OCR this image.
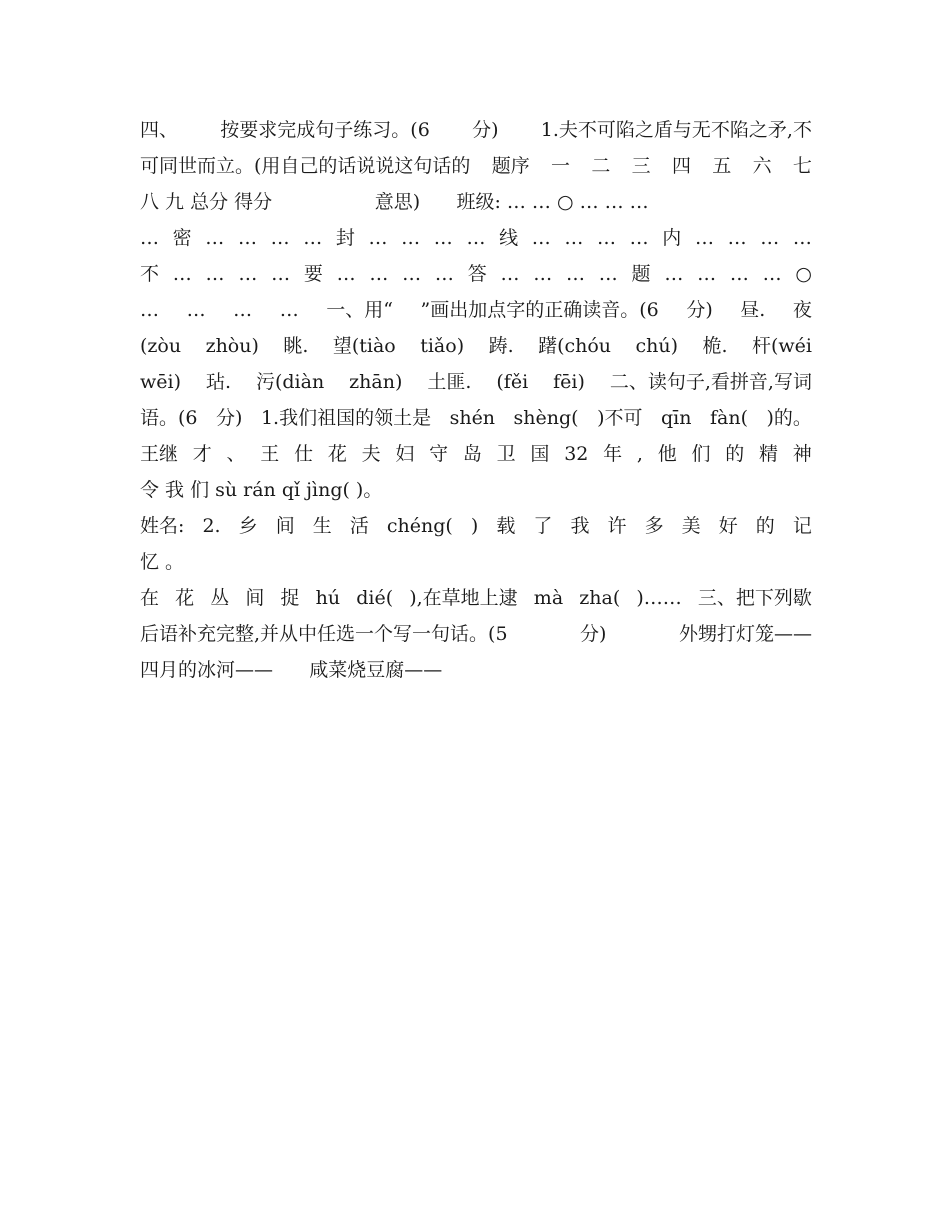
四、 按要求完成句子练习。(6 分) 1.夫不可陷之盾与无不陷之矛,不
可同世而立。(用自己的话说说这句话的 题序 一 二 三 四 五 六 七
八 九 总分 得分                 意思)      班级: … … ○ … … …
… 密 … … … … 封 … … … … 线 … … … … 内 … … … …
不 … … … … 要 … … … … 答 … … … … 题 … … … … ○
… … … … 一、用“ ”画出加点字的正确读音。(6 分) 昼. 夜
(zòu zhòu) 眺. 望(tiào tiǎo) 踌. 躇(chóu chú) 桅. 杆(wéi
wēi) 玷. 污(diàn zhān) 土匪. (fěi fēi) 二、读句子,看拼音,写词
语。(6 分) 1.我们祖国的领土是 shén shèng( )不可 qīn fàn( )的。
王继 才 、 王 仕 花 夫 妇 守 岛 卫 国 32 年 , 他 们 的 精 神
令 我 们 sù rán qǐ jìng( )。
姓名: 2. 乡 间 生 活 chéng( ) 载 了 我 许 多 美 好 的 记
忆 。
在 花 丛 间 捉 hú dié( ),在草地上逮 mà zha( )…… 三、把下列歇
后语补充完整,并从中任选一个写一句话。(5	分)	外甥打灯笼——
四月的冰河——      咸菜烧豆腐——
